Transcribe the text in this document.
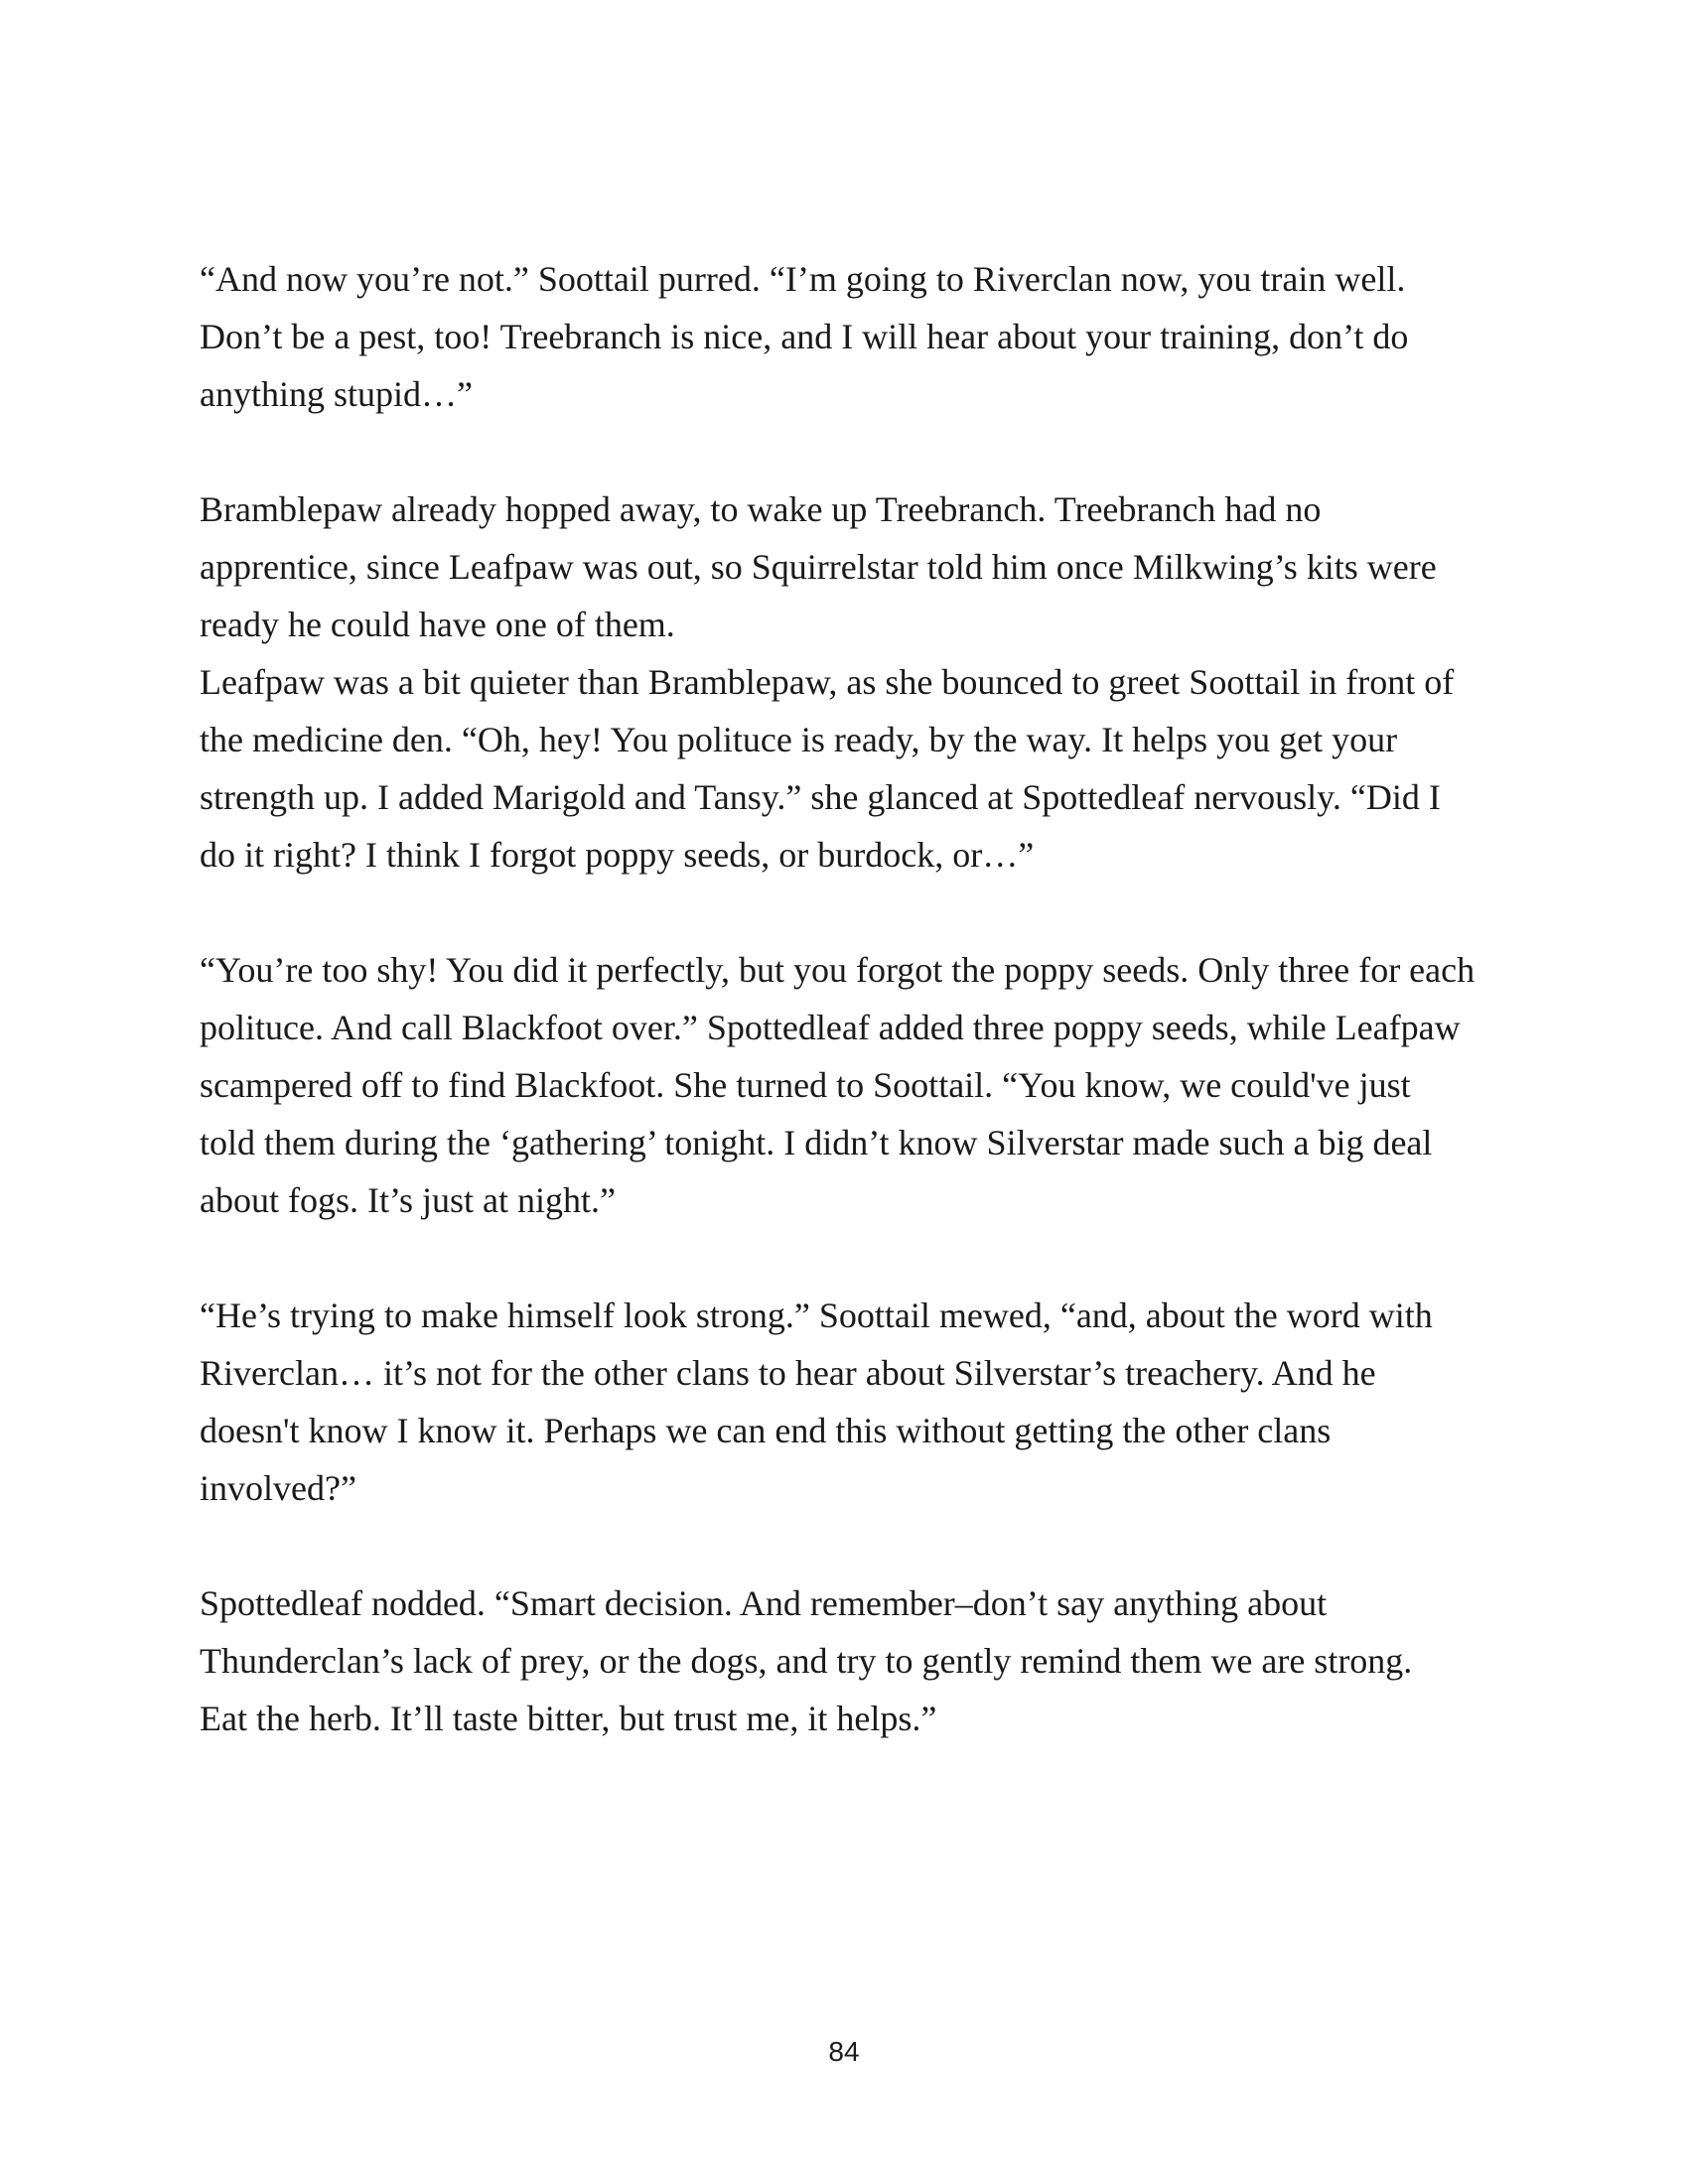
“And now you’re not.” Soottail purred. “I’m going to Riverclan now, you train well.
Don’t be a pest, too! Treebranch is nice, and I will hear about your training, don’t do
anything stupid…”

Bramblepaw already hopped away, to wake up Treebranch. Treebranch had no
apprentice, since Leafpaw was out, so Squirrelstar told him once Milkwing’s kits were
ready he could have one of them.

Leafpaw was a bit quieter than Bramblepaw, as she bounced to greet Soottail in front of
the medicine den. “Oh, hey! You polituce is ready, by the way. It helps you get your
strength up. I added Marigold and Tansy.” she glanced at Spottedleaf nervously. “Did I
do it right? I think I forgot poppy seeds, or burdock, or…”

“You’re too shy! You did it perfectly, but you forgot the poppy seeds. Only three for each
polituce. And call Blackfoot over.” Spottedleaf added three poppy seeds, while Leafpaw
scampered off to find Blackfoot. She turned to Soottail. “You know, we could've just
told them during the ‘gathering’ tonight. I didn’t know Silverstar made such a big deal
about fogs. It’s just at night.”

“He’s trying to make himself look strong.” Soottail mewed, “and, about the word with
Riverclan… it’s not for the other clans to hear about Silverstar’s treachery. And he
doesn't know I know it. Perhaps we can end this without getting the other clans
involved?”

Spottedleaf nodded. “Smart decision. And remember–don’t say anything about
Thunderclan’s lack of prey, or the dogs, and try to gently remind them we are strong.
Eat the herb. It’ll taste bitter, but trust me, it helps.”

84
